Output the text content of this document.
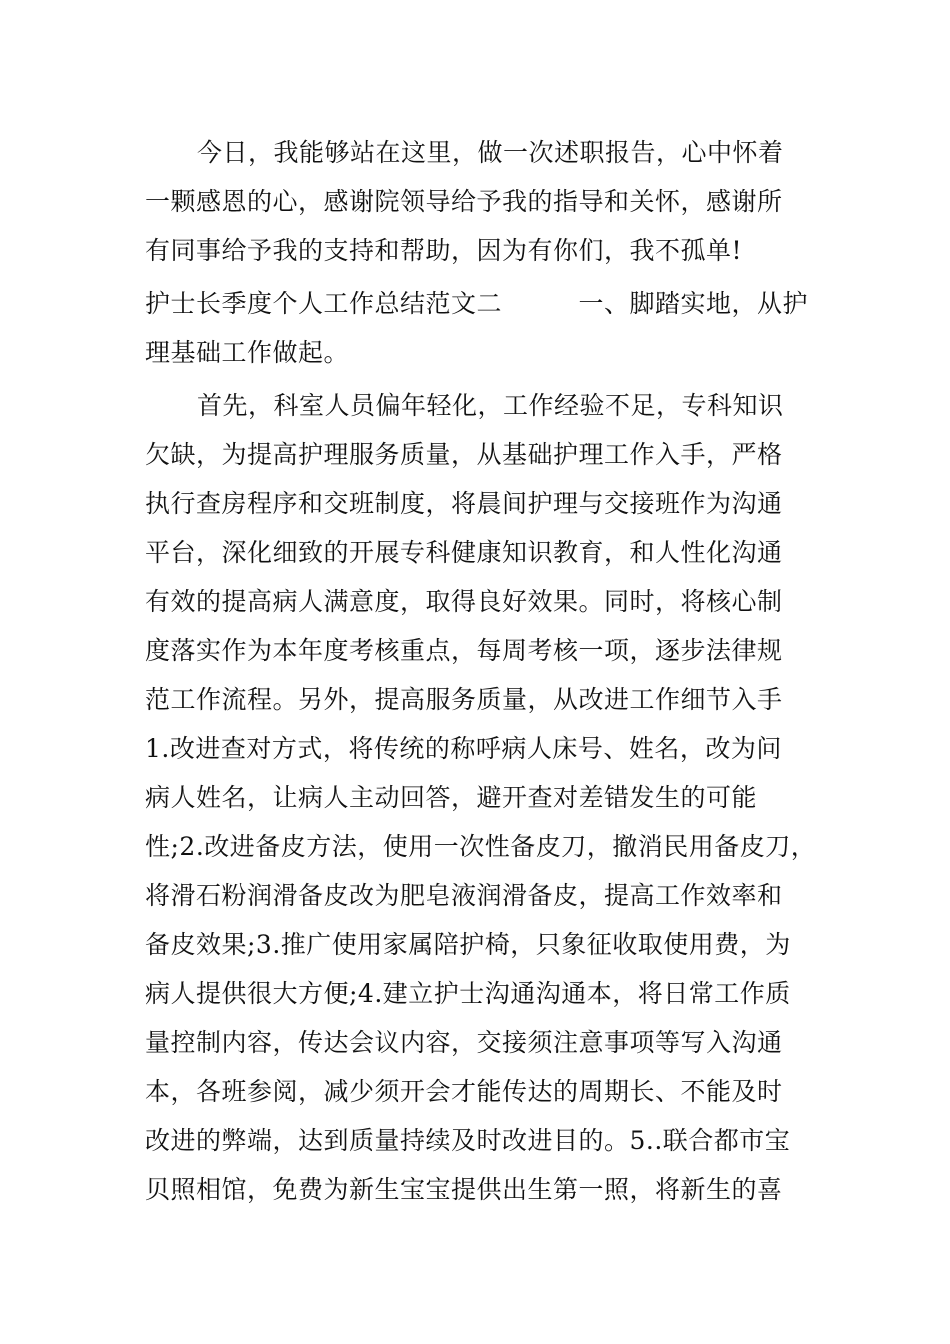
今日，我能够站在这里，做一次述职报告，心中怀着
一颗感恩的心，感谢院领导给予我的指导和关怀，感谢所
有同事给予我的支持和帮助，因为有你们，我不孤单!
护士长季度个人工作总结范文二　　　一、脚踏实地，从护
理基础工作做起。
首先，科室人员偏年轻化，工作经验不足，专科知识
欠缺，为提高护理服务质量，从基础护理工作入手，严格
执行查房程序和交班制度，将晨间护理与交接班作为沟通
平台，深化细致的开展专科健康知识教育，和人性化沟通
有效的提高病人满意度，取得良好效果。同时，将核心制
度落实作为本年度考核重点，每周考核一项，逐步法律规
范工作流程。另外，提高服务质量，从改进工作细节入手
1.改进查对方式，将传统的称呼病人床号、姓名，改为问
病人姓名，让病人主动回答，避开查对差错发生的可能
性;2.改进备皮方法，使用一次性备皮刀，撤消民用备皮刀，
将滑石粉润滑备皮改为肥皂液润滑备皮，提高工作效率和
备皮效果;3.推广使用家属陪护椅，只象征收取使用费，为
病人提供很大方便;4.建立护士沟通沟通本，将日常工作质
量控制内容，传达会议内容，交接须注意事项等写入沟通
本，各班参阅，减少须开会才能传达的周期长、不能及时
改进的弊端，达到质量持续及时改进目的。5..联合都市宝
贝照相馆，免费为新生宝宝提供出生第一照，将新生的喜
